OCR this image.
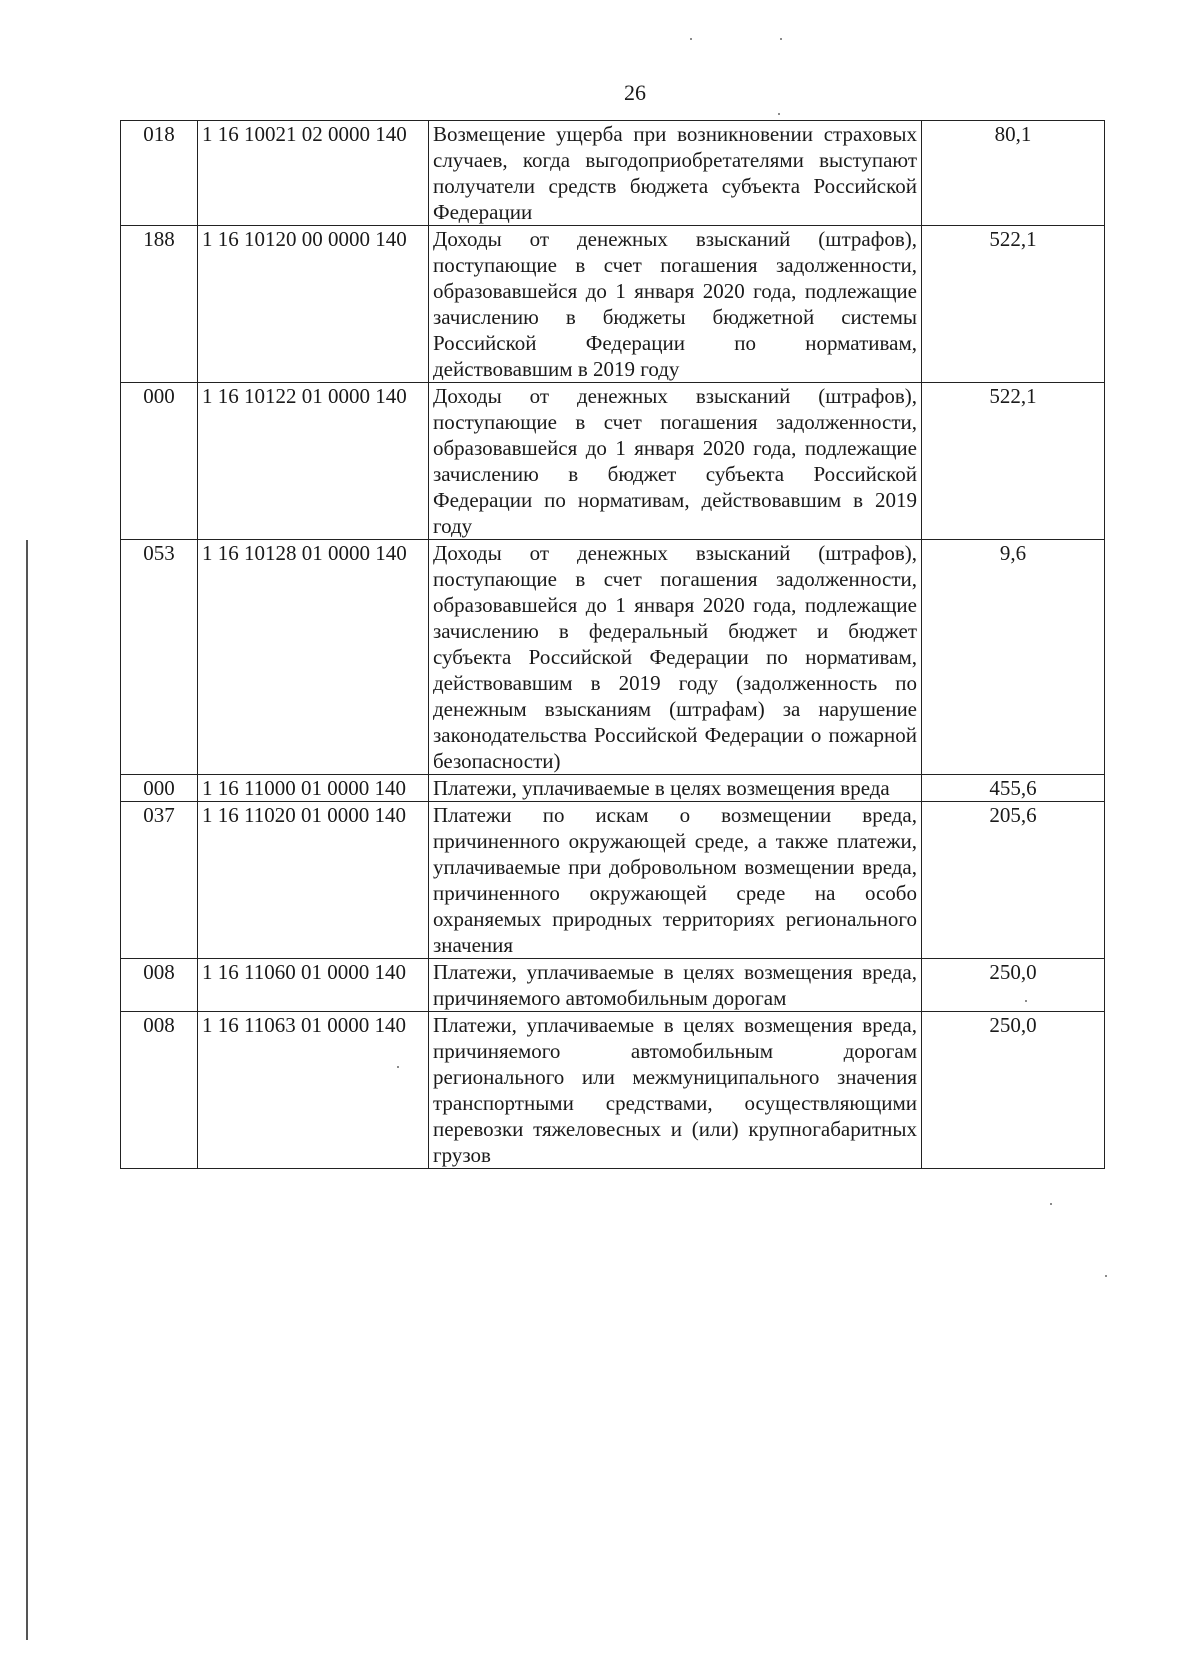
26
018	1 16 10021 02 0000 140	Возмещение ущерба при возникновении страховых случаев, когда выгодоприобретателями выступают получатели средств бюджета субъекта Российской Федерации	80,1
188	1 16 10120 00 0000 140	Доходы от денежных взысканий (штрафов), поступающие в счет погашения задолженности, образовавшейся до 1 января 2020 года, подлежащие зачислению в бюджеты бюджетной системы Российской Федерации по нормативам, действовавшим в 2019 году	522,1
000	1 16 10122 01 0000 140	Доходы от денежных взысканий (штрафов), поступающие в счет погашения задолженности, образовавшейся до 1 января 2020 года, подлежащие зачислению в бюджет субъекта Российской Федерации по нормативам, действовавшим в 2019 году	522,1
053	1 16 10128 01 0000 140	Доходы от денежных взысканий (штрафов), поступающие в счет погашения задолженности, образовавшейся до 1 января 2020 года, подлежащие зачислению в федеральный бюджет и бюджет субъекта Российской Федерации по нормативам, действовавшим в 2019 году (задолженность по денежным взысканиям (штрафам) за нарушение законодательства Российской Федерации о пожарной безопасности)	9,6
000	1 16 11000 01 0000 140	Платежи, уплачиваемые в целях возмещения вреда	455,6
037	1 16 11020 01 0000 140	Платежи по искам о возмещении вреда, причиненного окружающей среде, а также платежи, уплачиваемые при добровольном возмещении вреда, причиненного окружающей среде на особо охраняемых природных территориях регионального значения	205,6
008	1 16 11060 01 0000 140	Платежи, уплачиваемые в целях возмещения вреда, причиняемого автомобильным дорогам	250,0
008	1 16 11063 01 0000 140	Платежи, уплачиваемые в целях возмещения вреда, причиняемого автомобильным дорогам регионального или межмуниципального значения транспортными средствами, осуществляющими перевозки тяжеловесных и (или) крупногабаритных грузов	250,0
